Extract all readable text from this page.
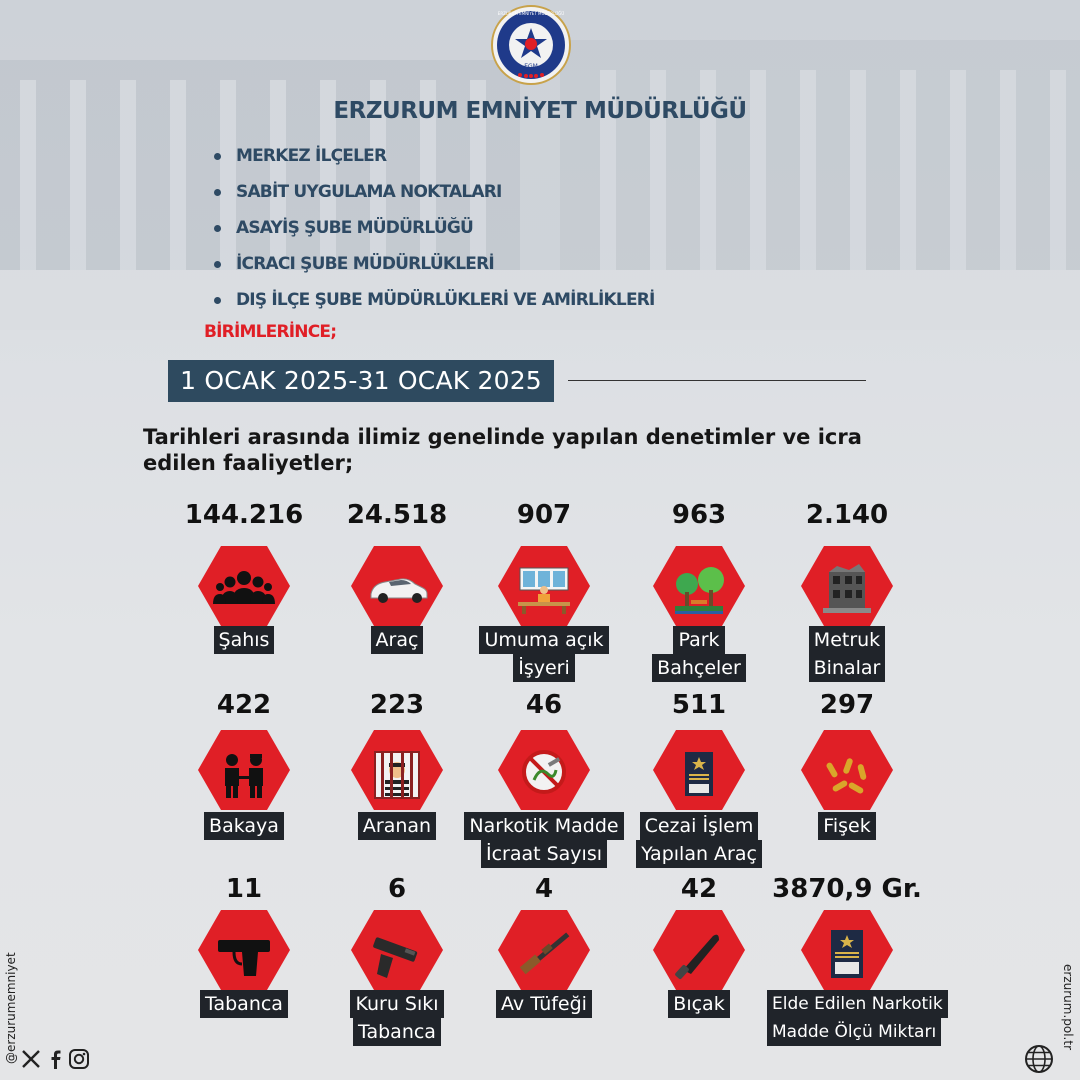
EGM
ERZURUM EMNİYET MÜDÜRLÜĞÜ
ERZURUM EMNİYET MÜDÜRLÜĞÜ
MERKEZ İLÇELER
SABİT UYGULAMA NOKTALARI
ASAYİŞ ŞUBE MÜDÜRLÜĞÜ
İCRACI ŞUBE MÜDÜRLÜKLERİ
DIŞ İLÇE ŞUBE MÜDÜRLÜKLERİ VE AMİRLİKLERİ
BİRİMLERİNCE;
1 OCAK 2025-31 OCAK 2025
Tarihleri arasında ilimiz genelinde yapılan denetimler ve icra edilen faaliyetler;
144.216
Şahıs
24.518
Araç
907
Umuma açık
İşyeri
963
Park
Bahçeler
2.140
Metruk
Binalar
422
Bakaya
223
Aranan
46
Narkotik Madde
İcraat Sayısı
511
Cezai İşlem
Yapılan Araç
297
Fişek
11
Tabanca
6
Kuru Sıkı
Tabanca
4
Av Tüfeği
42
Bıçak
3870,9 Gr.
Elde Edilen Narkotik
Madde Ölçü Miktarı
@erzurumemniyet	erzurum.pol.tr
